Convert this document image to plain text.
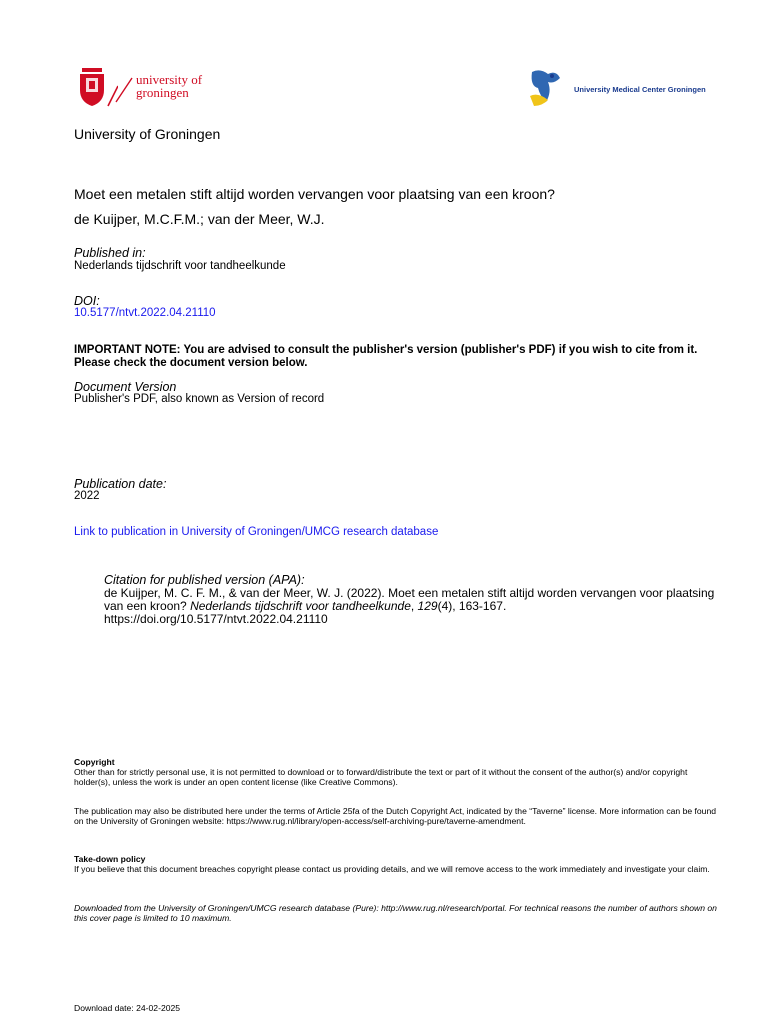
university of
groningen	University Medical Center Groningen
University of Groningen
Moet een metalen stift altijd worden vervangen voor plaatsing van een kroon?
de Kuijper, M.C.F.M.; van der Meer, W.J.
Published in:
Nederlands tijdschrift voor tandheelkunde
DOI:
10.5177/ntvt.2022.04.21110
IMPORTANT NOTE: You are advised to consult the publisher's version (publisher's PDF) if you wish to cite from it. Please check the document version below.
Document Version
Publisher's PDF, also known as Version of record
Publication date:
2022
Link to publication in University of Groningen/UMCG research database
Citation for published version (APA):
de Kuijper, M. C. F. M., & van der Meer, W. J. (2022). Moet een metalen stift altijd worden vervangen voor plaatsing van een kroon? Nederlands tijdschrift voor tandheelkunde, 129(4), 163-167.
https://doi.org/10.5177/ntvt.2022.04.21110
Copyright
Other than for strictly personal use, it is not permitted to download or to forward/distribute the text or part of it without the consent of the author(s) and/or copyright holder(s), unless the work is under an open content license (like Creative Commons).
The publication may also be distributed here under the terms of Article 25fa of the Dutch Copyright Act, indicated by the “Taverne” license. More information can be found on the University of Groningen website: https://www.rug.nl/library/open-access/self-archiving-pure/taverne-amendment.
Take-down policy
If you believe that this document breaches copyright please contact us providing details, and we will remove access to the work immediately and investigate your claim.
Downloaded from the University of Groningen/UMCG research database (Pure): http://www.rug.nl/research/portal. For technical reasons the number of authors shown on this cover page is limited to 10 maximum.
Download date: 24-02-2025
